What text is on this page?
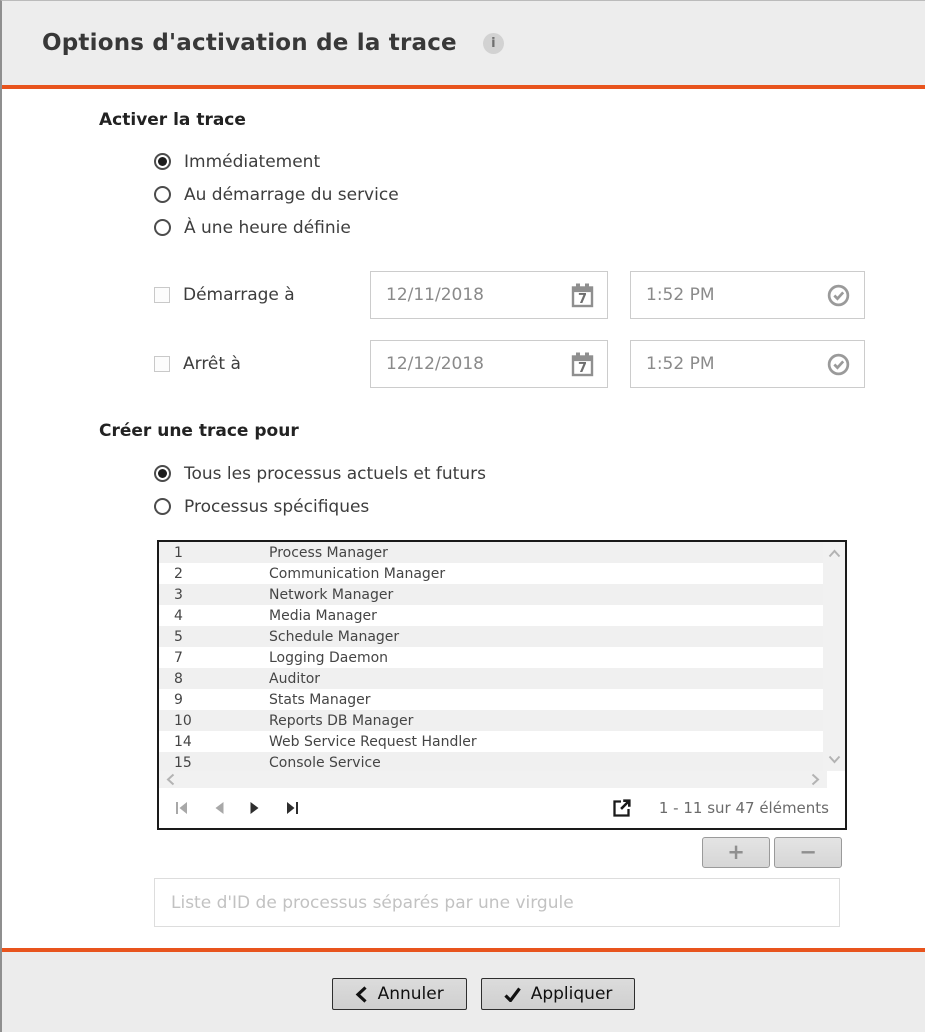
Options d'activation de la trace	i
Activer la trace
Immédiatement
Au démarrage du service
À une heure définie
Démarrage à	12/11/2018	7	1:52 PM
Arrêt à	12/12/2018	7	1:52 PM
Créer une trace pour
Tous les processus actuels et futurs
Processus spécifiques
1	Process Manager
2	Communication Manager
3	Network Manager
4	Media Manager
5	Schedule Manager
7	Logging Daemon
8	Auditor
9	Stats Manager
10	Reports DB Manager
14	Web Service Request Handler
15	Console Service
1 - 11 sur 47 éléments
+	−
Liste d'ID de processus séparés par une virgule
Annuler	Appliquer
